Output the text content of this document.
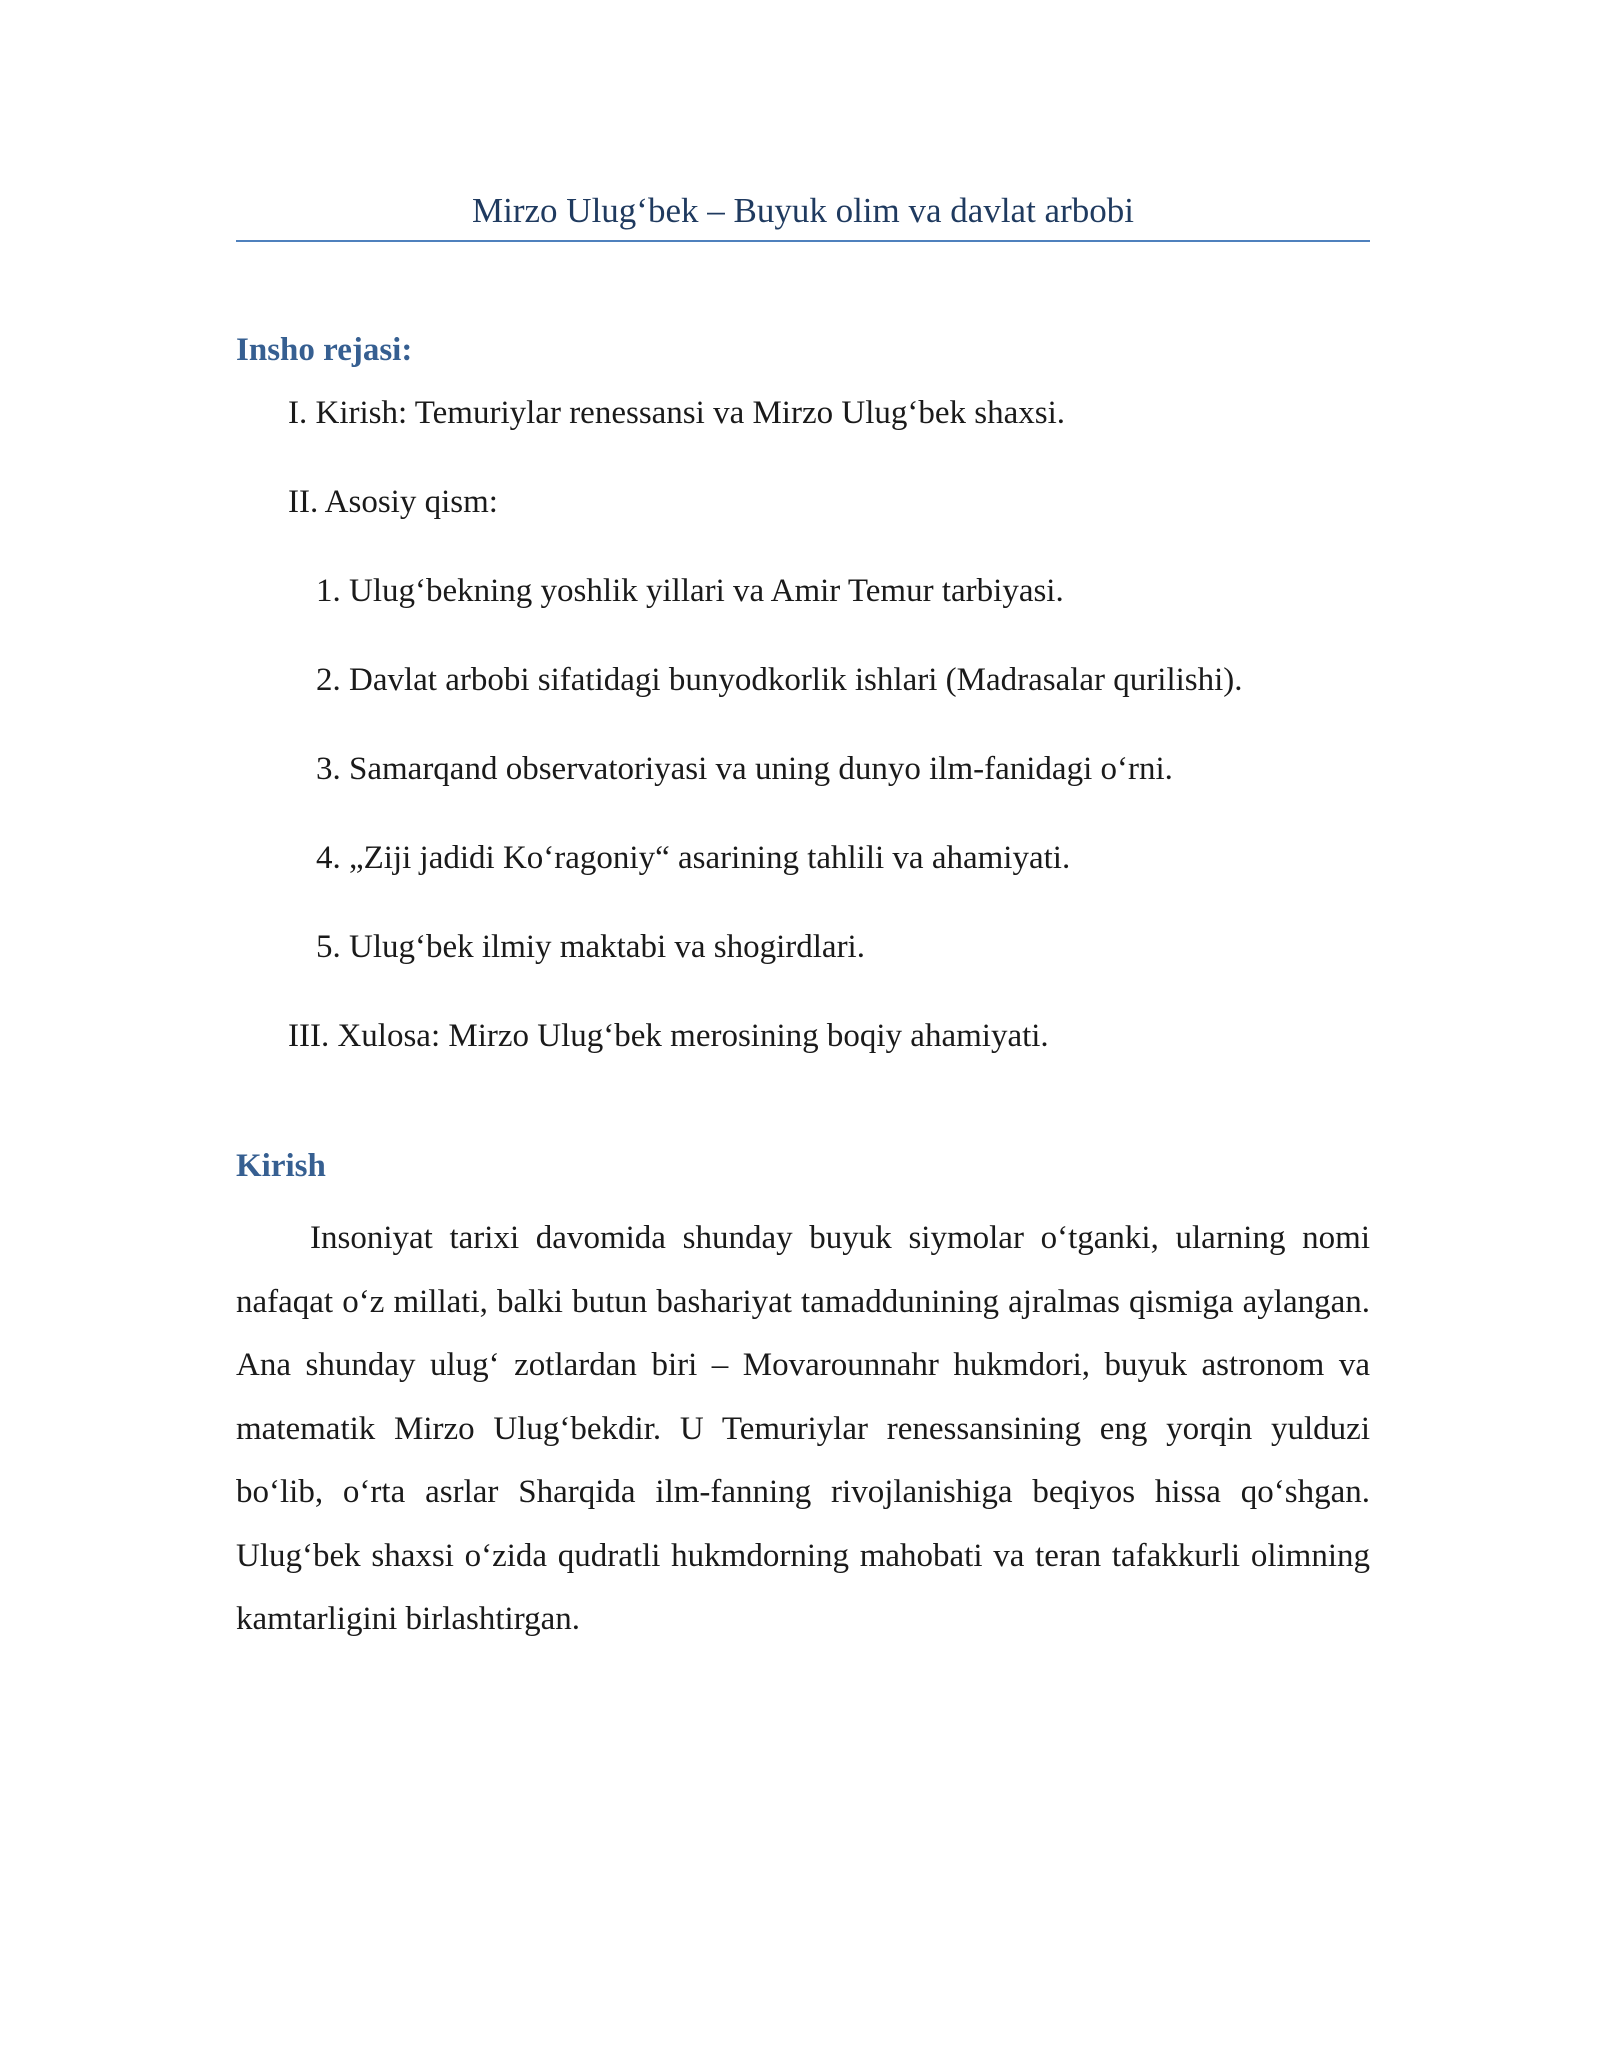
Mirzo Ulug‘bek – Buyuk olim va davlat arbobi
Insho rejasi:

I. Kirish: Temuriylar renessansi va Mirzo Ulug‘bek shaxsi.

II. Asosiy qism:

1. Ulug‘bekning yoshlik yillari va Amir Temur tarbiyasi.

2. Davlat arbobi sifatidagi bunyodkorlik ishlari (Madrasalar qurilishi).

3. Samarqand observatoriyasi va uning dunyo ilm-fanidagi o‘rni.

4. „Ziji jadidi Ko‘ragoniy“ asarining tahlili va ahamiyati.

5. Ulug‘bek ilmiy maktabi va shogirdlari.

III. Xulosa: Mirzo Ulug‘bek merosining boqiy ahamiyati.

Kirish

Insoniyat tarixi davomida shunday buyuk siymolar o‘tganki, ularning nomi nafaqat o‘z millati, balki butun bashariyat tamaddunining ajralmas qismiga aylangan. Ana shunday ulug‘ zotlardan biri – Movarounnahr hukmdori, buyuk astronom va matematik Mirzo Ulug‘bekdir. U Temuriylar renessansining eng yorqin yulduzi bo‘lib, o‘rta asrlar Sharqida ilm-fanning rivojlanishiga beqiyos hissa qo‘shgan. Ulug‘bek shaxsi o‘zida qudratli hukmdorning mahobati va teran tafakkurli olimning kamtarligini birlashtirgan.
